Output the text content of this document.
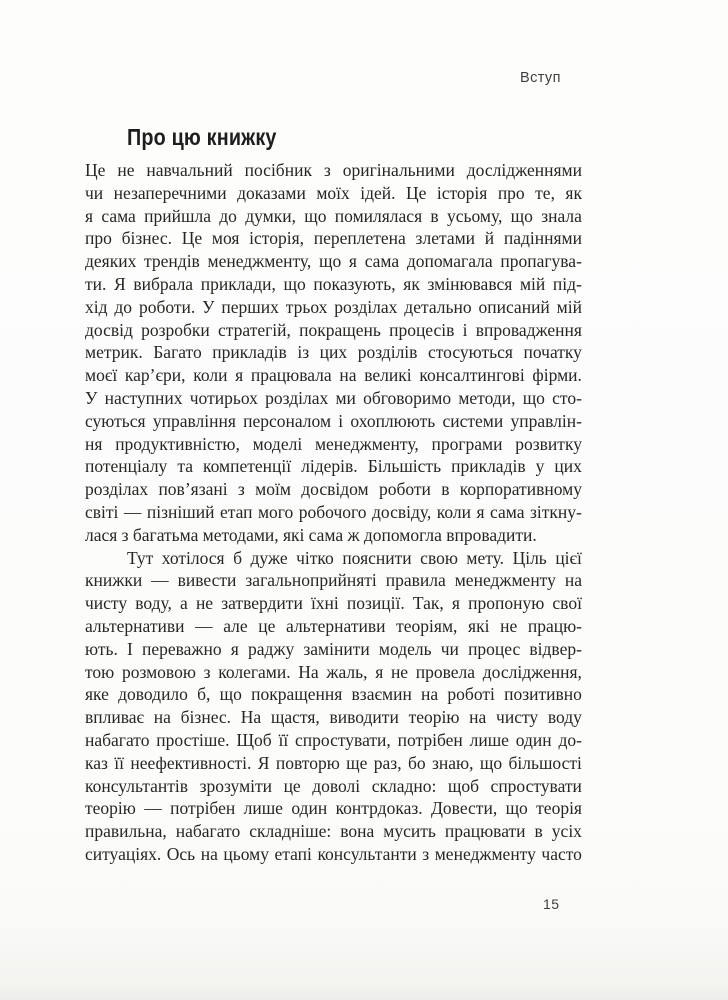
Вступ
Про цю книжку
Це не навчальний посібник з оригінальними дослідженнями
чи незаперечними доказами моїх ідей. Це історія про те, як
я сама прийшла до думки, що помилялася в усьому, що знала
про бізнес. Це моя історія, переплетена злетами й падіннями
деяких трендів менеджменту, що я сама допомагала пропагува-
ти. Я вибрала приклади, що показують, як змінювався мій під-
хід до роботи. У перших трьох розділах детально описаний мій
досвід розробки стратегій, покращень процесів і впровадження
метрик. Багато прикладів із цих розділів стосуються початку
моєї кар’єри, коли я працювала на великі консалтингові фірми.
У наступних чотирьох розділах ми обговоримо методи, що сто-
суються управління персоналом і охоплюють системи управлін-
ня продуктивністю, моделі менеджменту, програми розвитку
потенціалу та компетенції лідерів. Більшість прикладів у цих
розділах пов’язані з моїм досвідом роботи в корпоративному
світі — пізніший етап мого робочого досвіду, коли я сама зіткну-
лася з багатьма методами, які сама ж допомогла впровадити.
Тут хотілося б дуже чітко пояснити свою мету. Ціль цієї
книжки — вивести загальноприйняті правила менеджменту на
чисту воду, а не затвердити їхні позиції. Так, я пропоную свої
альтернативи — але це альтернативи теоріям, які не працю-
ють. І переважно я раджу замінити модель чи процес відвер-
тою розмовою з колегами. На жаль, я не провела дослідження,
яке доводило б, що покращення взаємин на роботі позитивно
впливає на бізнес. На щастя, виводити теорію на чисту воду
набагато простіше. Щоб її спростувати, потрібен лише один до-
каз її неефективності. Я повторю ще раз, бо знаю, що більшості
консультантів зрозуміти це доволі складно: щоб спростувати
теорію — потрібен лише один контрдоказ. Довести, що теорія
правильна, набагато складніше: вона мусить працювати в усіх
ситуаціях. Ось на цьому етапі консультанти з менеджменту часто
15
